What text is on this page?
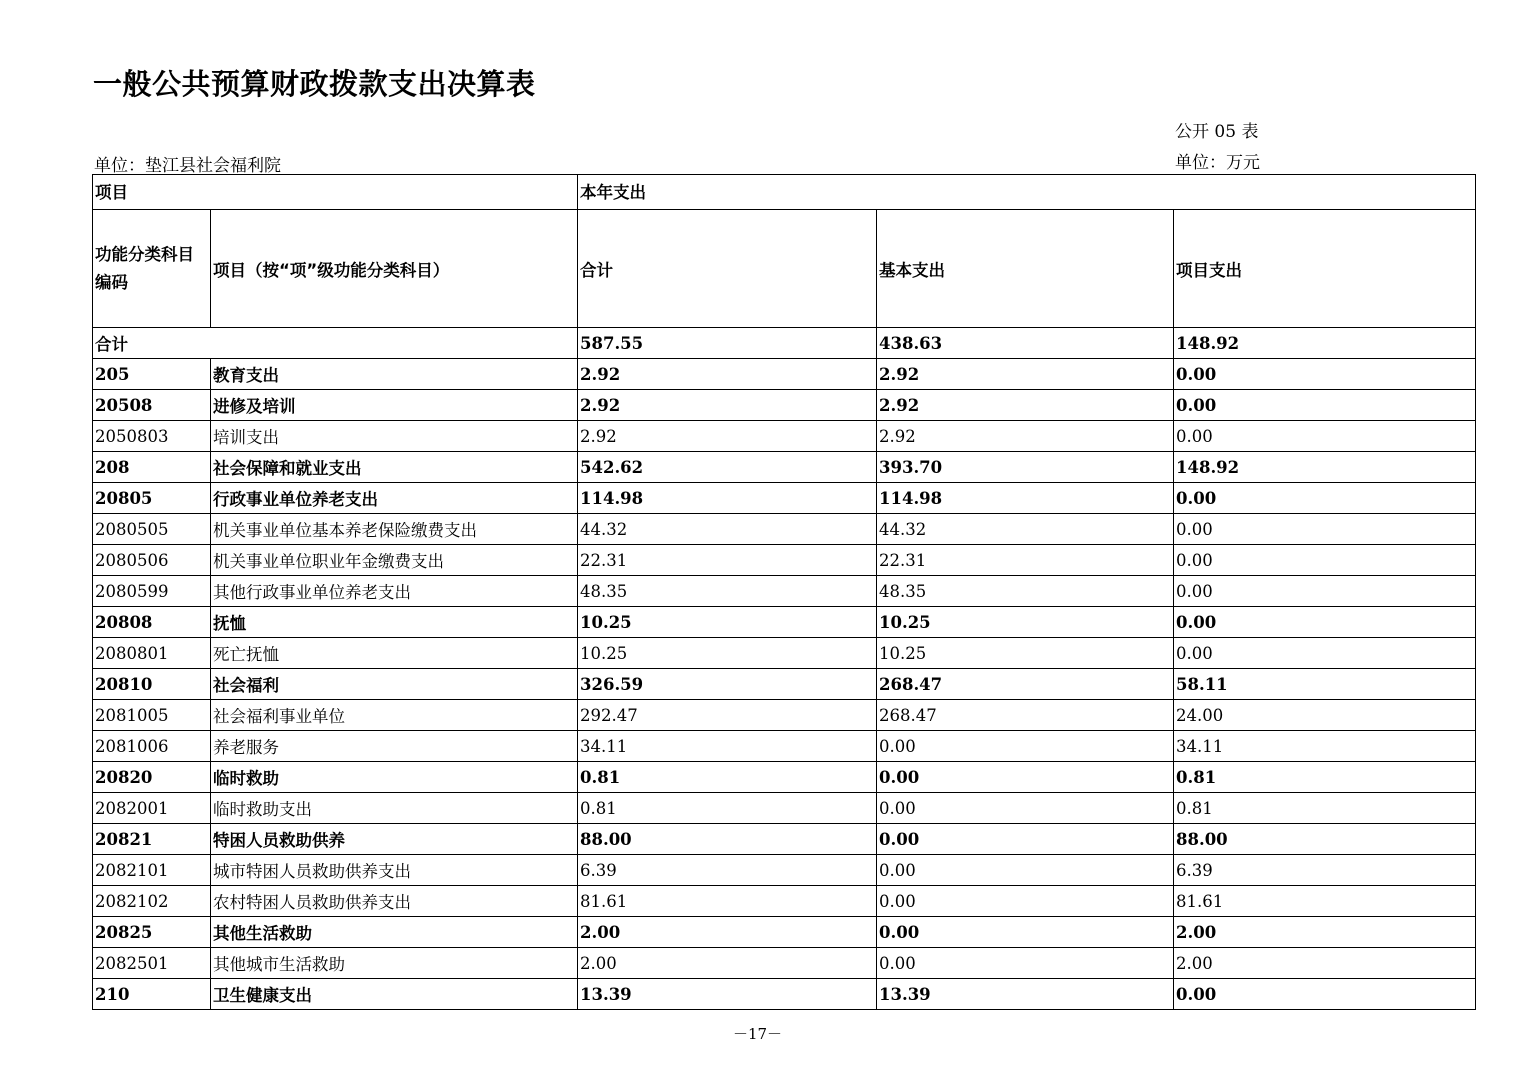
一般公共预算财政拨款支出决算表
公开 05 表
单位：垫江县社会福利院	单位：万元
项目		本年支出		
功能分类科目编码	项目（按“项”级功能分类科目）	合计	基本支出	项目支出
合计		587.55	438.63	148.92
205	教育支出	2.92	2.92	0.00
20508	进修及培训	2.92	2.92	0.00
2050803	培训支出	2.92	2.92	0.00
208	社会保障和就业支出	542.62	393.70	148.92
20805	行政事业单位养老支出	114.98	114.98	0.00
2080505	机关事业单位基本养老保险缴费支出	44.32	44.32	0.00
2080506	机关事业单位职业年金缴费支出	22.31	22.31	0.00
2080599	其他行政事业单位养老支出	48.35	48.35	0.00
20808	抚恤	10.25	10.25	0.00
2080801	死亡抚恤	10.25	10.25	0.00
20810	社会福利	326.59	268.47	58.11
2081005	社会福利事业单位	292.47	268.47	24.00
2081006	养老服务	34.11	0.00	34.11
20820	临时救助	0.81	0.00	0.81
2082001	临时救助支出	0.81	0.00	0.81
20821	特困人员救助供养	88.00	0.00	88.00
2082101	城市特困人员救助供养支出	6.39	0.00	6.39
2082102	农村特困人员救助供养支出	81.61	0.00	81.61
20825	其他生活救助	2.00	0.00	2.00
2082501	其他城市生活救助	2.00	0.00	2.00
210	卫生健康支出	13.39	13.39	0.00
－17－
